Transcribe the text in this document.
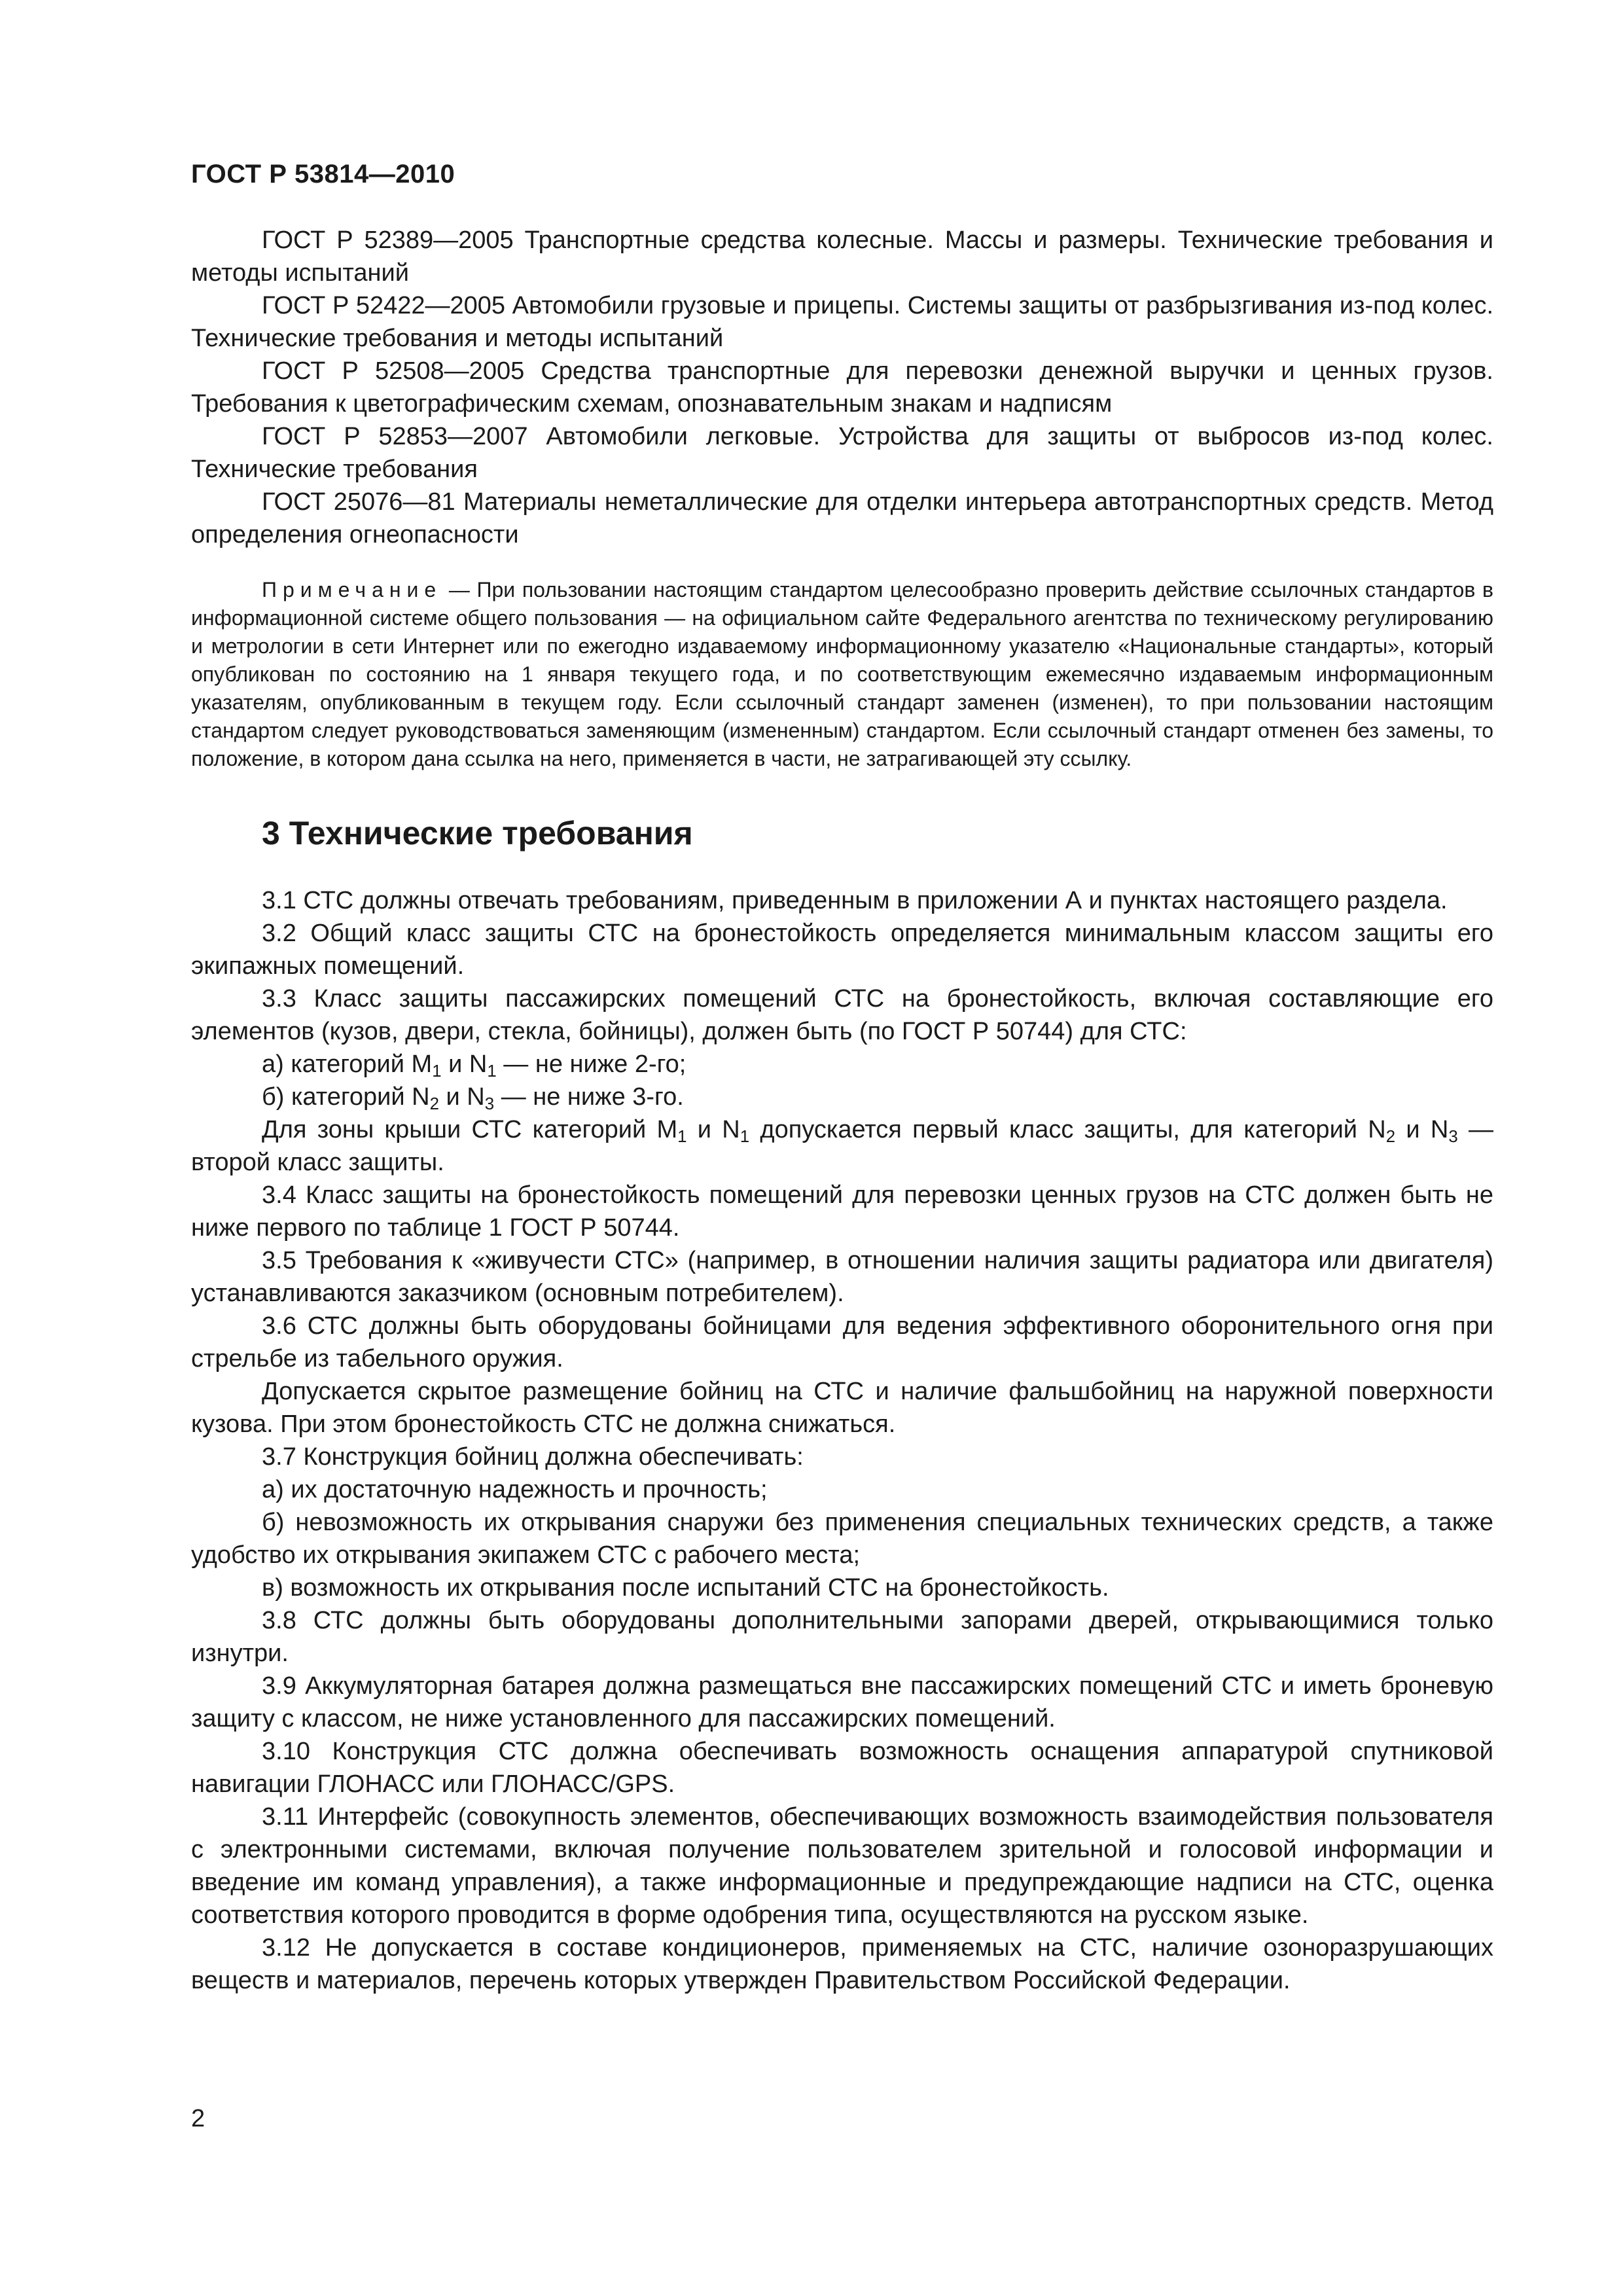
ГОСТ Р 53814—2010

ГОСТ Р 52389—2005 Транспортные средства колесные. Массы и размеры. Технические требования и методы испытаний

ГОСТ Р 52422—2005 Автомобили грузовые и прицепы. Системы защиты от разбрызгивания из-под колес. Технические требования и методы испытаний

ГОСТ Р 52508—2005 Средства транспортные для перевозки денежной выручки и ценных грузов. Требования к цветографическим схемам, опознавательным знакам и надписям

ГОСТ Р 52853—2007 Автомобили легковые. Устройства для защиты от выбросов из-под колес. Технические требования

ГОСТ 25076—81 Материалы неметаллические для отделки интерьера автотранспортных средств. Метод определения огнеопасности

Примечание — При пользовании настоящим стандартом целесообразно проверить действие ссылочных стандартов в информационной системе общего пользования — на официальном сайте Федерального агентства по техническому регулированию и метрологии в сети Интернет или по ежегодно издаваемому информационному указателю «Национальные стандарты», который опубликован по состоянию на 1 января текущего года, и по соответствующим ежемесячно издаваемым информационным указателям, опубликованным в текущем году. Если ссылочный стандарт заменен (изменен), то при пользовании настоящим стандартом следует руководствоваться заменяющим (измененным) стандартом. Если ссылочный стандарт отменен без замены, то положение, в котором дана ссылка на него, применяется в части, не затрагивающей эту ссылку.

3 Технические требования

3.1 СТС должны отвечать требованиям, приведенным в приложении А и пунктах настоящего раздела.

3.2 Общий класс защиты СТС на бронестойкость определяется минимальным классом защиты его экипажных помещений.

3.3 Класс защиты пассажирских помещений СТС на бронестойкость, включая составляющие его элементов (кузов, двери, стекла, бойницы), должен быть (по ГОСТ Р 50744) для СТС:

а) категорий $M_1$ и $N_1$ — не ниже 2-го;

б) категорий $N_2$ и $N_3$ — не ниже 3-го.

Для зоны крыши СТС категорий $M_1$ и $N_1$ допускается первый класс защиты, для категорий $N_2$ и $N_3$ — второй класс защиты.

3.4 Класс защиты на бронестойкость помещений для перевозки ценных грузов на СТС должен быть не ниже первого по таблице 1 ГОСТ Р 50744.

3.5 Требования к «живучести СТС» (например, в отношении наличия защиты радиатора или двигателя) устанавливаются заказчиком (основным потребителем).

3.6 СТС должны быть оборудованы бойницами для ведения эффективного оборонительного огня при стрельбе из табельного оружия.

Допускается скрытое размещение бойниц на СТС и наличие фальшбойниц на наружной поверхности кузова. При этом бронестойкость СТС не должна снижаться.

3.7 Конструкция бойниц должна обеспечивать:

а) их достаточную надежность и прочность;

б) невозможность их открывания снаружи без применения специальных технических средств, а также удобство их открывания экипажем СТС с рабочего места;

в) возможность их открывания после испытаний СТС на бронестойкость.

3.8 СТС должны быть оборудованы дополнительными запорами дверей, открывающимися только изнутри.

3.9 Аккумуляторная батарея должна размещаться вне пассажирских помещений СТС и иметь броневую защиту с классом, не ниже установленного для пассажирских помещений.

3.10 Конструкция СТС должна обеспечивать возможность оснащения аппаратурой спутниковой навигации ГЛОНАСС или ГЛОНАСС/GPS.

3.11 Интерфейс (совокупность элементов, обеспечивающих возможность взаимодействия пользователя с электронными системами, включая получение пользователем зрительной и голосовой информации и введение им команд управления), а также информационные и предупреждающие надписи на СТС, оценка соответствия которого проводится в форме одобрения типа, осуществляются на русском языке.

3.12 Не допускается в составе кондиционеров, применяемых на СТС, наличие озоноразрушающих веществ и материалов, перечень которых утвержден Правительством Российской Федерации.

2
